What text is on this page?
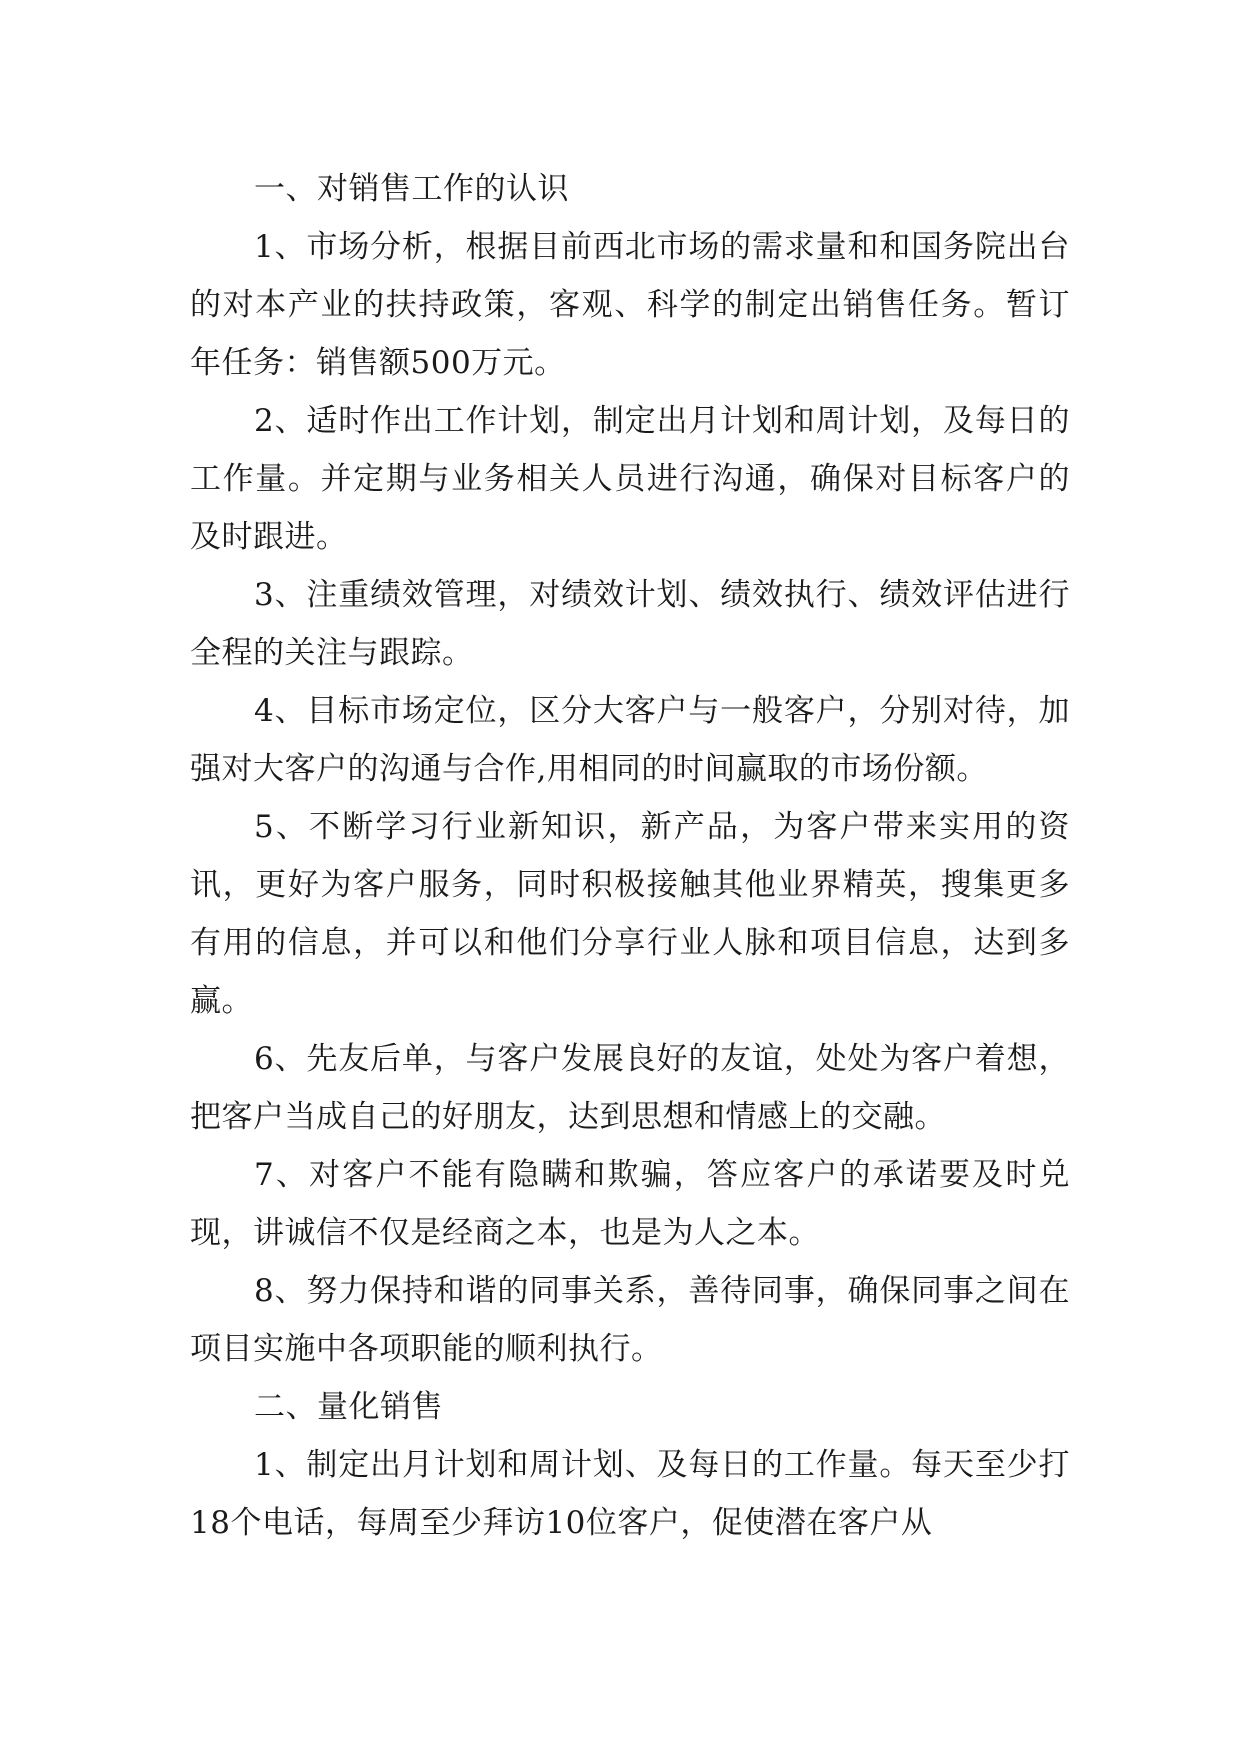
一、对销售工作的认识

1、市场分析，根据目前西北市场的需求量和和国务院出台的对本产业的扶持政策，客观、科学的制定出销售任务。暂订年任务：销售额500万元。

2、适时作出工作计划，制定出月计划和周计划，及每日的工作量。并定期与业务相关人员进行沟通，确保对目标客户的及时跟进。

3、注重绩效管理，对绩效计划、绩效执行、绩效评估进行全程的关注与跟踪。

4、目标市场定位，区分大客户与一般客户，分别对待，加强对大客户的沟通与合作,用相同的时间赢取的市场份额。

5、不断学习行业新知识，新产品，为客户带来实用的资讯，更好为客户服务，同时积极接触其他业界精英，搜集更多有用的信息，并可以和他们分享行业人脉和项目信息，达到多赢。

6、先友后单，与客户发展良好的友谊，处处为客户着想，把客户当成自己的好朋友，达到思想和情感上的交融。

7、对客户不能有隐瞒和欺骗，答应客户的承诺要及时兑现，讲诚信不仅是经商之本，也是为人之本。

8、努力保持和谐的同事关系，善待同事，确保同事之间在项目实施中各项职能的顺利执行。

二、量化销售

1、制定出月计划和周计划、及每日的工作量。每天至少打18个电话，每周至少拜访10位客户，促使潜在客户从
